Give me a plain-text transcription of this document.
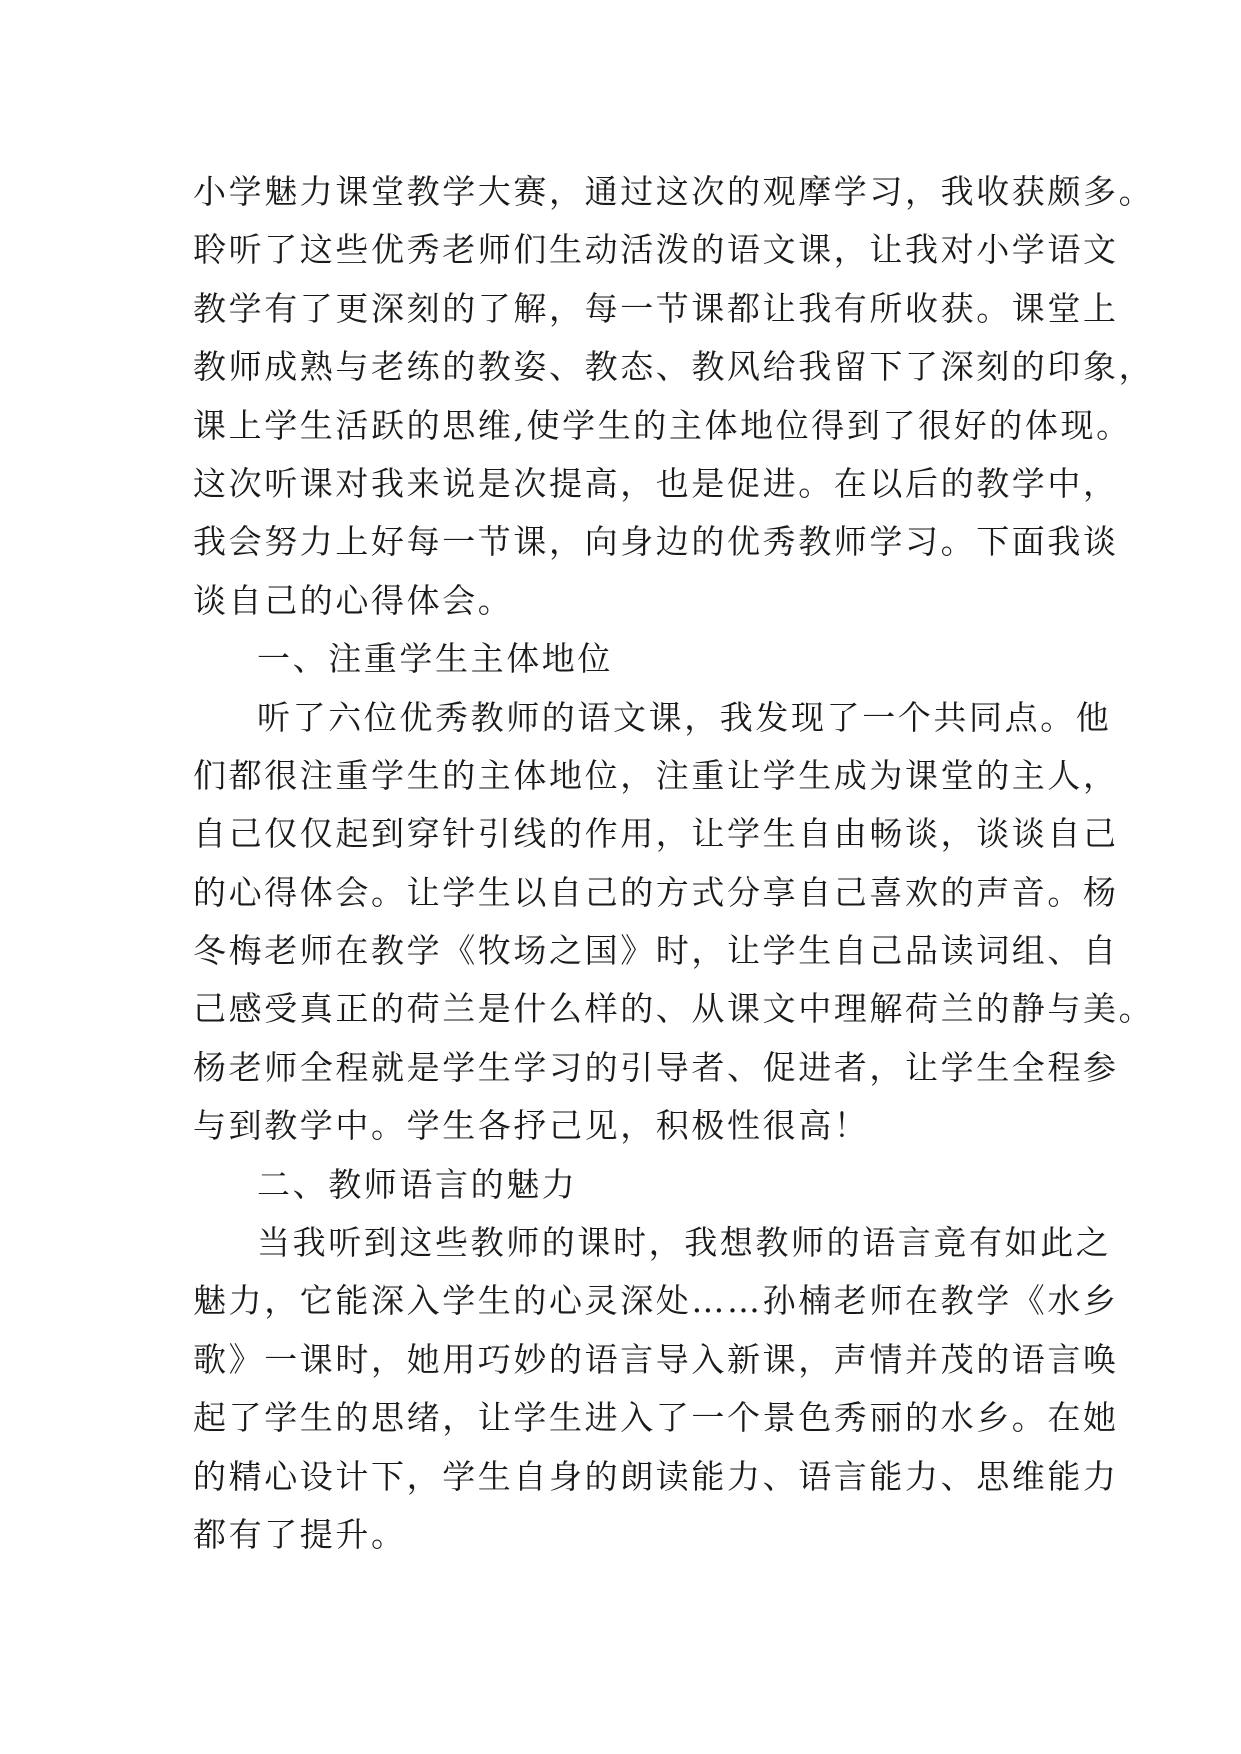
小学魅力课堂教学大赛，通过这次的观摩学习，我收获颇多。
聆听了这些优秀老师们生动活泼的语文课，让我对小学语文
教学有了更深刻的了解，每一节课都让我有所收获。课堂上
教师成熟与老练的教姿、教态、教风给我留下了深刻的印象，
课上学生活跃的思维,使学生的主体地位得到了很好的体现。
这次听课对我来说是次提高，也是促进。在以后的教学中，
我会努力上好每一节课，向身边的优秀教师学习。下面我谈
谈自己的心得体会。
一、注重学生主体地位
听了六位优秀教师的语文课，我发现了一个共同点。他
们都很注重学生的主体地位，注重让学生成为课堂的主人，
自己仅仅起到穿针引线的作用，让学生自由畅谈，谈谈自己
的心得体会。让学生以自己的方式分享自己喜欢的声音。杨
冬梅老师在教学《牧场之国》时，让学生自己品读词组、自
己感受真正的荷兰是什么样的、从课文中理解荷兰的静与美。
杨老师全程就是学生学习的引导者、促进者，让学生全程参
与到教学中。学生各抒己见，积极性很高！
二、教师语言的魅力
当我听到这些教师的课时，我想教师的语言竟有如此之
魅力，它能深入学生的心灵深处……孙楠老师在教学《水乡
歌》一课时，她用巧妙的语言导入新课，声情并茂的语言唤
起了学生的思绪，让学生进入了一个景色秀丽的水乡。在她
的精心设计下，学生自身的朗读能力、语言能力、思维能力
都有了提升。
